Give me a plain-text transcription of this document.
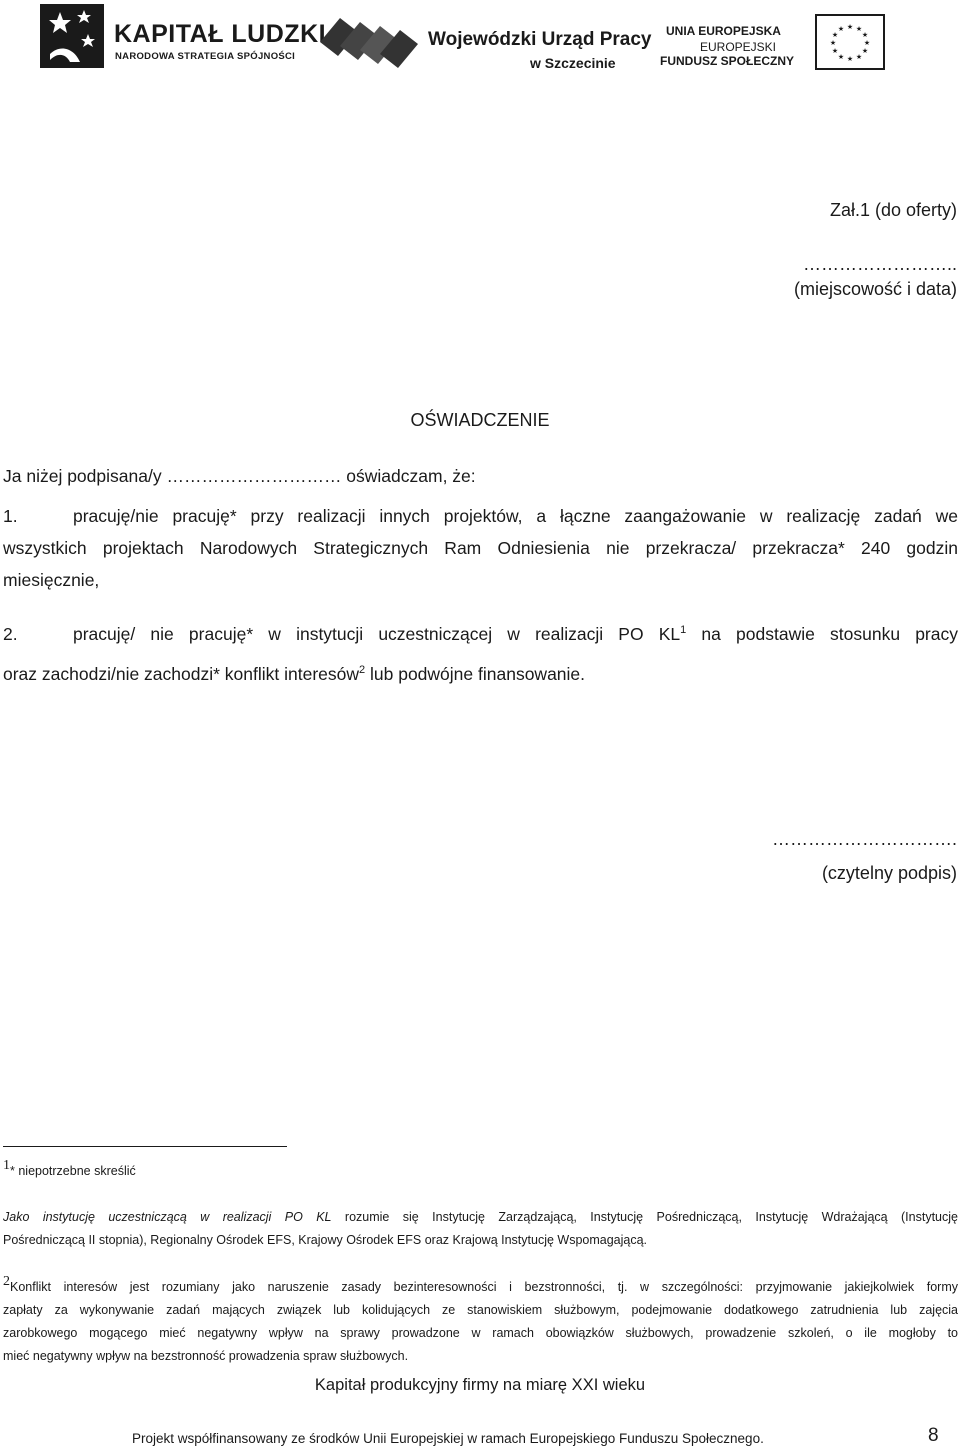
KAPITAŁ LUDZKI
NARODOWA STRATEGIA SPÓJNOŚCI
Wojewódzki Urząd Pracy
w Szczecinie
UNIA EUROPEJSKA
EUROPEJSKI
FUNDUSZ SPOŁECZNY
★ ★
★
★
★
★
★
★
★
★
★
★
Zał.1 (do oferty)
……………………..
(miejscowość i data)
OŚWIADCZENIE
Ja niżej podpisana/y ………………………… oświadczam, że:
1.	pracuję/nie pracuję* przy realizacji innych projektów, a łączne zaangażowanie w realizację zadań we
wszystkich projektach Narodowych Strategicznych Ram Odniesienia nie przekracza/ przekracza* 240 godzin
miesięcznie,
2.	pracuję/ nie pracuję* w instytucji uczestniczącej w realizacji PO $KL^1$ na podstawie stosunku pracy
oraz zachodzi/nie zachodzi* konflikt interesów$^2$ lub podwójne finansowanie.
………………………….
(czytelny podpis)
1* niepotrzebne skreślić
Jako instytucję uczestniczącą w realizacji PO KL rozumie się Instytucję Zarządzającą, Instytucję Pośredniczącą, Instytucję Wdrażającą (Instytucję
Pośredniczącą II stopnia), Regionalny Ośrodek EFS, Krajowy Ośrodek EFS oraz Krajową Instytucję Wspomagającą.
2Konflikt interesów jest rozumiany jako naruszenie zasady bezinteresowności i bezstronności, tj. w szczególności: przyjmowanie jakiejkolwiek formy
zapłaty za wykonywanie zadań mających związek lub kolidujących ze stanowiskiem służbowym, podejmowanie dodatkowego zatrudnienia lub zajęcia
zarobkowego mogącego mieć negatywny wpływ na sprawy prowadzone w ramach obowiązków służbowych, prowadzenie szkoleń, o ile mogłoby to
mieć negatywny wpływ na bezstronność prowadzenia spraw służbowych.
Kapitał produkcyjny firmy na miarę XXI wieku
Projekt współfinansowany ze środków Unii Europejskiej w ramach Europejskiego Funduszu Społecznego.	8
